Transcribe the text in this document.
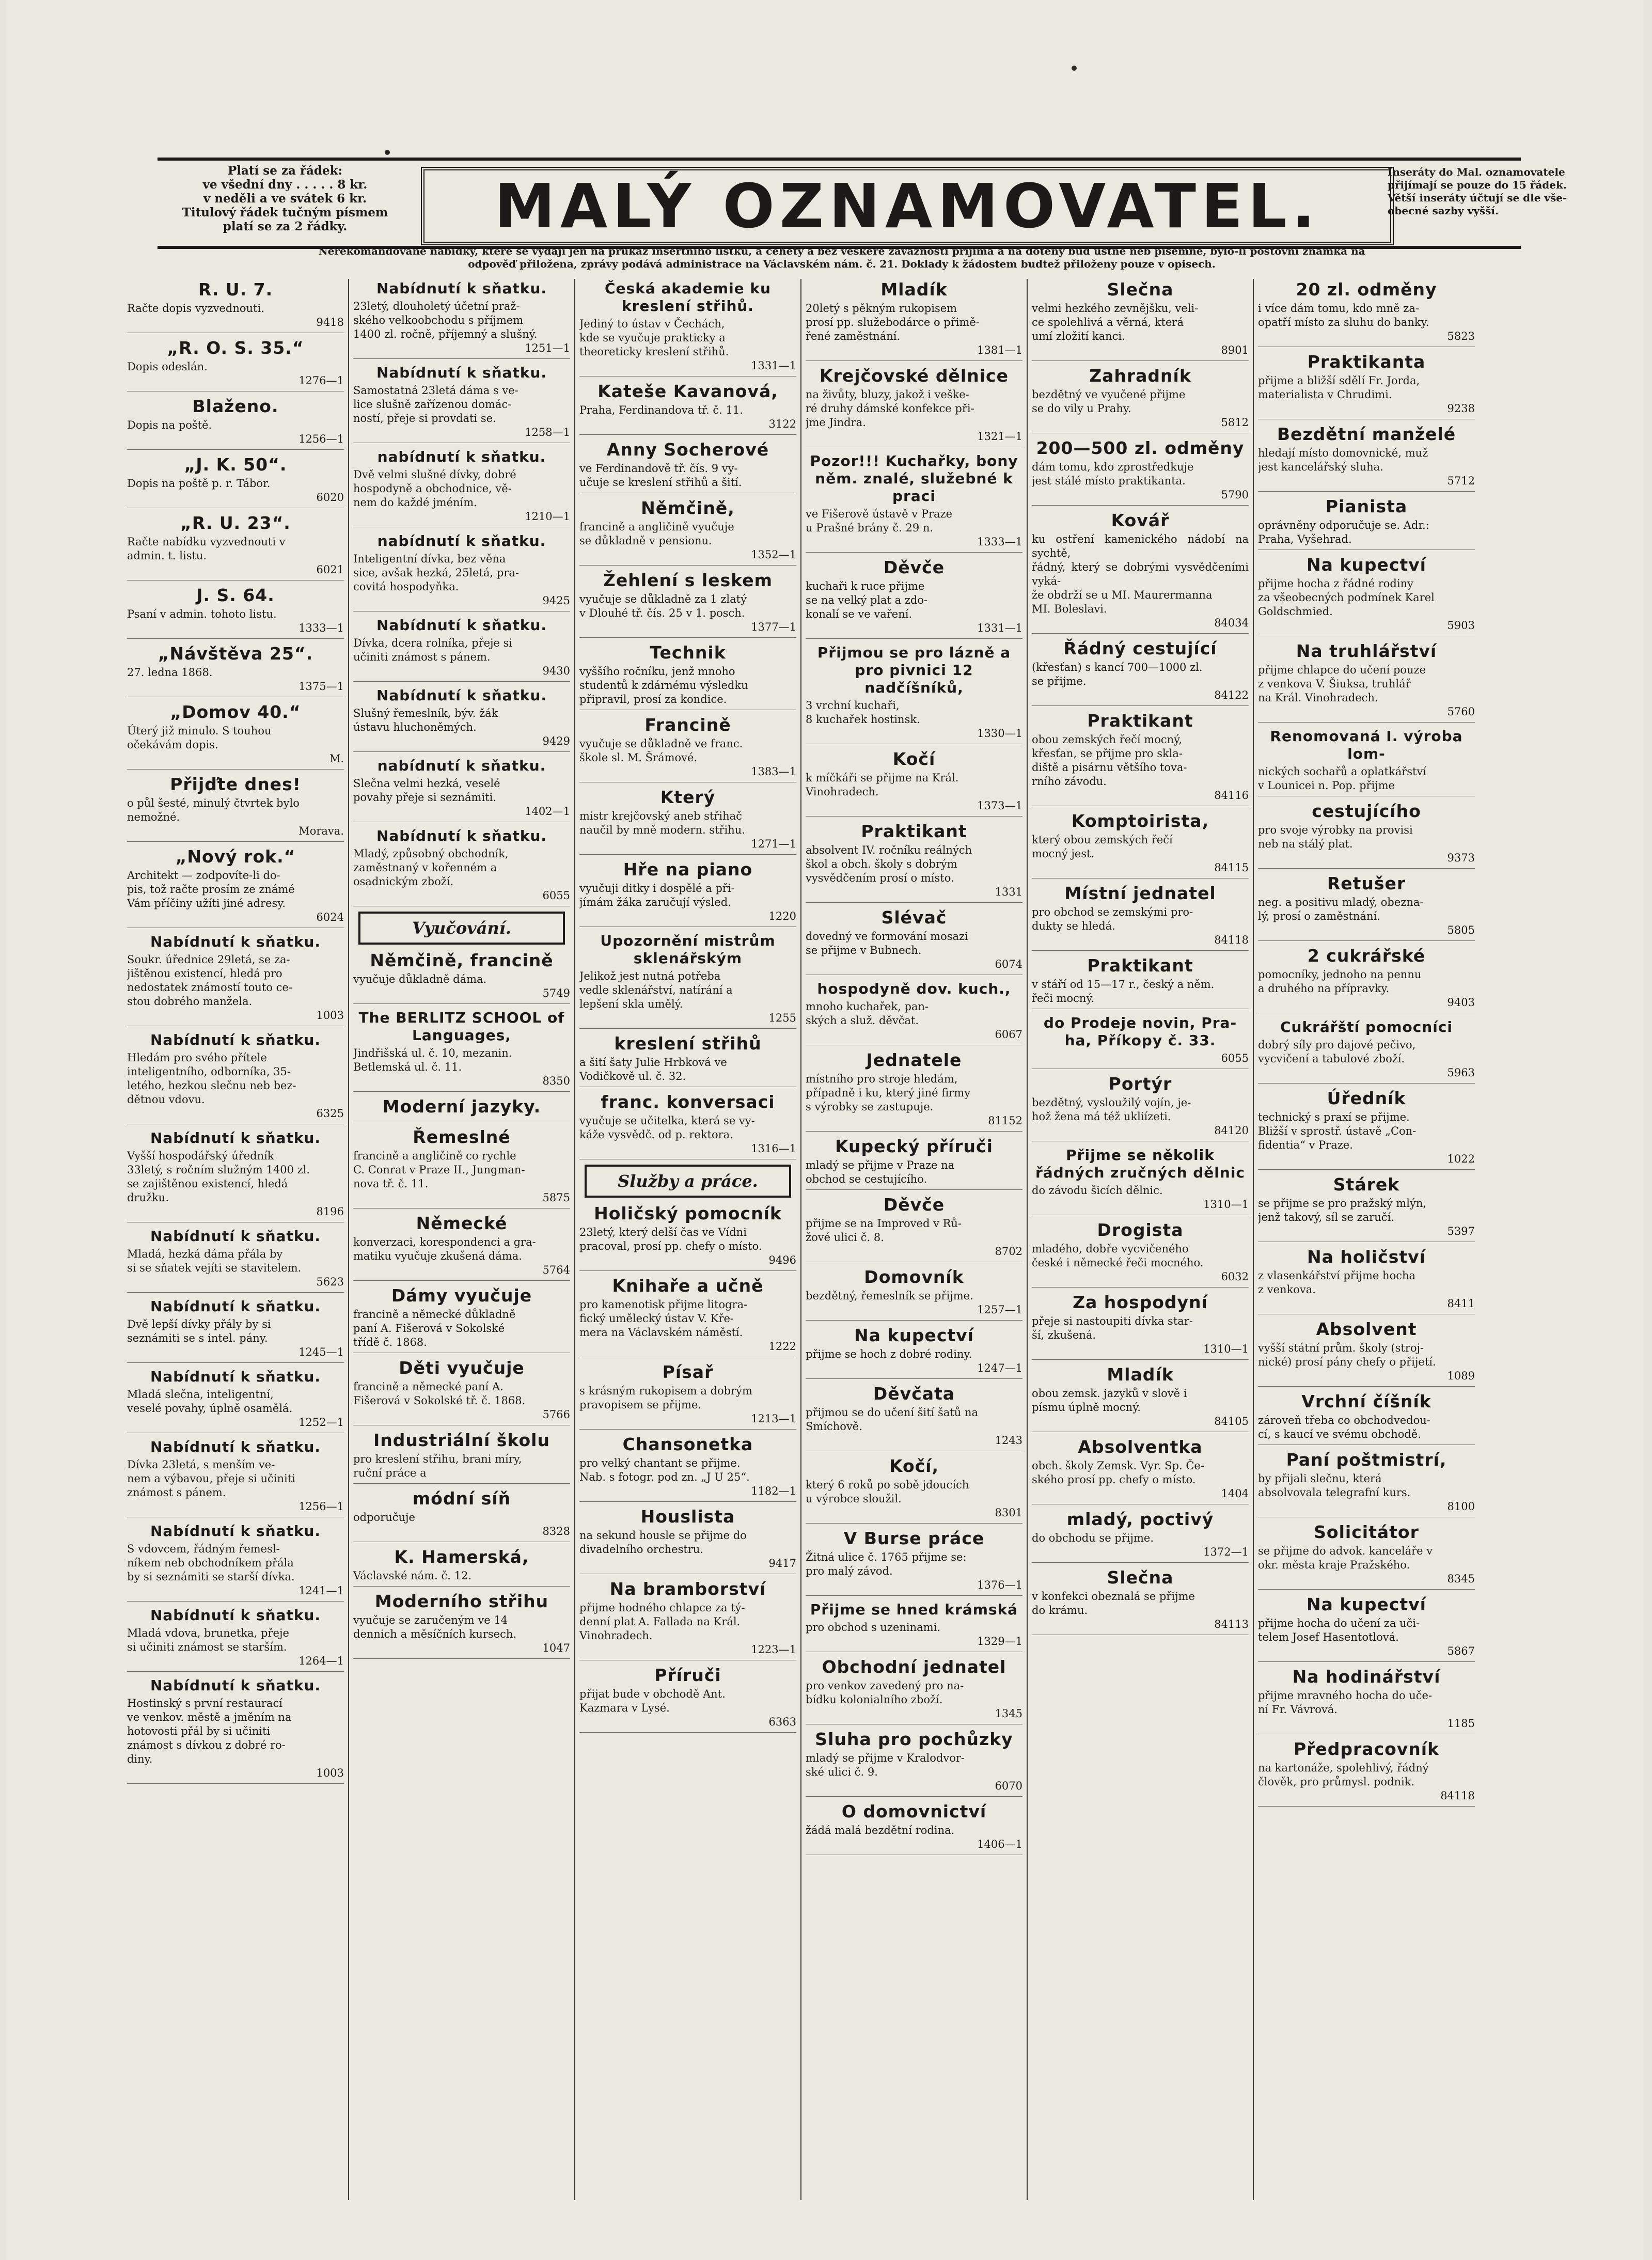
Platí se za řádek:
ve všední dny . . . . . 8 kr.
v neděli a ve svátek 6 kr.
Titulový řádek tučným písmem
platí se za 2 řádky.	MALÝ OZNAMOVATEL.	Inseráty do Mal. oznamovatele
přijímají se pouze do 15 řádek.
Větší inseráty účtují se dle vše-
obecné sazby vyšší.
Nerekomandované nabídky, které se vydají jen na průkaz insertního lístku, a cehety a bez veškeré závaznosti přijímá a na doteny buď ústně neb písemně, bylo-li poštovní známka na
odpověď přiložena, zprávy podává administrace na Václavském nám. č. 21. Doklady k žádostem budtež přiloženy pouze v opisech.
R. U. 7.
Račte dopis vyzvednouti.
9418
„R. O. S. 35.“
Dopis odeslán.
1276—1
Blaženo.
Dopis na poště.
1256—1
„J. K. 50“.
Dopis na poště p. r. Tábor.
6020
„R. U. 23“.
Račte nabídku vyzvednouti v
admin. t. listu.
6021
J. S. 64.
Psaní v admin. tohoto listu.
1333—1
„Návštěva 25“.
27. ledna 1868.
1375—1
„Domov 40.“
Úterý již minulo. S touhou
očekávám dopis.
M.
Přijďte dnes!
o půl šesté, minulý čtvrtek bylo
nemožné.
Morava.
„Nový rok.“
Architekt — zodpovíte-li do-
pis, tož račte prosím ze známé
Vám příčiny užíti jiné adresy.
6024
Nabídnutí k sňatku.
Soukr. úřednice 29letá, se za-
jištěnou existencí, hledá pro
nedostatek známostí touto ce-
stou dobrého manžela.
1003
Nabídnutí k sňatku.
Hledám pro svého přítele
inteligentního, odborníka, 35-
letého, hezkou slečnu neb bez-
dětnou vdovu.
6325
Nabídnutí k sňatku.
Vyšší hospodářský úředník
33letý, s ročním služným 1400 zl.
se zajištěnou existencí, hledá
družku.
8196
Nabídnutí k sňatku.
Mladá, hezká dáma přála by
si se sňatek vejíti se stavitelem.
5623
Nabídnutí k sňatku.
Dvě lepší dívky přály by si
seznámiti se s intel. pány.
1245—1
Nabídnutí k sňatku.
Mladá slečna, inteligentní,
veselé povahy, úplně osamělá.
1252—1
Nabídnutí k sňatku.
Dívka 23letá, s menším ve-
nem a výbavou, přeje si učiniti
známost s pánem.
1256—1
Nabídnutí k sňatku.
S vdovcem, řádným řemesl-
níkem neb obchodníkem přála
by si seznámiti se starší dívka.
1241—1
Nabídnutí k sňatku.
Mladá vdova, brunetka, přeje
si učiniti známost se starším.
1264—1
Nabídnutí k sňatku.
Hostinský s první restaurací
ve venkov. městě a jměním na
hotovosti přál by si učiniti
známost s dívkou z dobré ro-
diny.
1003
Nabídnutí k sňatku.
23letý, dlouholetý účetní praž-
ského velkoobchodu s příjmem
1400 zl. ročně, příjemný a slušný.
1251—1
Nabídnutí k sňatku.
Samostatná 23letá dáma s ve-
lice slušně zařízenou domác-
ností, přeje si provdati se.
1258—1
nabídnutí k sňatku.
Dvě velmi slušné dívky, dobré
hospodyně a obchodnice, vě-
nem do každé jméním.
1210—1
nabídnutí k sňatku.
Inteligentní dívka, bez věna
sice, avšak hezká, 25letá, pra-
covitá hospodyňka.
9425
Nabídnutí k sňatku.
Dívka, dcera rolníka, přeje si
učiniti známost s pánem.
9430
Nabídnutí k sňatku.
Slušný řemeslník, býv. žák
ústavu hluchoněmých.
9429
nabídnutí k sňatku.
Slečna velmi hezká, veselé
povahy přeje si seznámiti.
1402—1
Nabídnutí k sňatku.
Mladý, způsobný obchodník,
zaměstnaný v kořenném a
osadnickým zboží.
6055
Vyučování.
Němčině, francině
vyučuje důkladně dáma.
5749
The BERLITZ SCHOOL of Languages,
Jindřišská ul. č. 10, mezanin.
Betlemská ul. č. 11.
8350
Moderní jazyky.
Řemeslné
francině a angličině co rychle
C. Conrat v Praze II., Jungman-
nova tř. č. 11.
5875
Německé
konverzaci, korespondenci a gra-
matiku vyučuje zkušená dáma.
5764
Dámy vyučuje
francině a německé důkladně
paní A. Fišerová v Sokolské
třídě č. 1868.
Děti vyučuje
francině a německé paní A.
Fišerová v Sokolské tř. č. 1868.
5766
Industriální školu
pro kreslení střihu, brani míry,
ruční práce a
módní síň
odporučuje
8328
K. Hamerská,
Václavské nám. č. 12.
Moderního střihu
vyučuje se zaručeným ve 14
dennich a měsíčních kursech.
1047
Česká akademie ku kreslení střihů.
Jediný to ústav v Čechách,
kde se vyučuje prakticky a
theoreticky kreslení střihů.
1331—1
Kateše Kavanová,
Praha, Ferdinandova tř. č. 11.
3122
Anny Socherové
ve Ferdinandově tř. čís. 9 vy-
učuje se kreslení střihů a šití.
Němčině,
francině a angličině vyučuje
se důkladně v pensionu.
1352—1
Žehlení s leskem
vyučuje se důkladně za 1 zlatý
v Dlouhé tř. čís. 25 v 1. posch.
1377—1
Technik
vyššího ročníku, jenž mnoho
studentů k zdárnému výsledku
připravil, prosí za kondice.
Francině
vyučuje se důkladně ve franc.
škole sl. M. Šrámové.
1383—1
Který
mistr krejčovský aneb střihač
naučil by mně modern. střihu.
1271—1
Hře na piano
vyučuji ditky i dospělé a při-
jímám žáka zaručují výsled.
1220
Upozornění mistrům sklenářským
Jelikož jest nutná potřeba
vedle sklenářství, natírání a
lepšení skla umělý.
1255
kreslení střihů
a šití šaty Julie Hrbková ve
Vodičkově ul. č. 32.
franc. konversaci
vyučuje se učitelka, která se vy-
káže vysvědč. od p. rektora.
1316—1
Služby a práce.
Holičský pomocník
23letý, který delší čas ve Vídni
pracoval, prosí pp. chefy o místo.
9496
Knihaře a učně
pro kamenotisk přijme litogra-
fický umělecký ústav V. Kře-
mera na Václavském náměstí.
1222
Písař
s krásným rukopisem a dobrým
pravopisem se přijme.
1213—1
Chansonetka
pro velký chantant se přijme.
Nab. s fotogr. pod zn. „J U 25“.
1182—1
Houslista
na sekund housle se přijme do
divadelního orchestru.
9417
Na bramborství
přijme hodného chlapce za tý-
denní plat A. Fallada na Král.
Vinohradech.
1223—1
Příruči
přijat bude v obchodě Ant.
Kazmara v Lysé.
6363
Mladík
20letý s pěkným rukopisem
prosí pp. služebodárce o přimě-
řené zaměstnání.
1381—1
Krejčovské dělnice
na živůty, bluzy, jakož i veške-
ré druhy dámské konfekce při-
jme Jindra.
1321—1
Pozor!!! Kuchařky, bony něm. znalé, služebné k praci
ve Fišerově ústavě v Praze
u Prašné brány č. 29 n.
1333—1
Děvče
kuchaři k ruce přijme
se na velký plat a zdo-
konalí se ve vaření.
1331—1
Přijmou se pro lázně a pro pivnici 12 nadčíšníků,
3 vrchní kuchaři,
8 kuchařek hostinsk.
1330—1
Kočí
k míčkáři se přijme na Král.
Vinohradech.
1373—1
Praktikant
absolvent IV. ročníku reálných
škol a obch. školy s dobrým
vysvědčením prosí o místo.
1331
Slévač
dovedný ve formování mosazi
se přijme v Bubnech.
6074
hospodyně dov. kuch.,
mnoho kuchařek, pan-
ských a služ. děvčat.
6067
Jednatele
místního pro stroje hledám,
případně i ku, který jiné firmy
s výrobky se zastupuje.
81152
Kupecký příruči
mladý se přijme v Praze na
obchod se cestujícího.
Děvče
přijme se na Improved v Rů-
žové ulici č. 8.
8702
Domovník
bezdětný, řemeslník se přijme.
1257—1
Na kupectví
přijme se hoch z dobré rodiny.
1247—1
Děvčata
přijmou se do učení šití šatů na
Smíchově.
1243
Kočí,
který 6 roků po sobě jdoucích
u výrobce sloužil.
8301
V Burse práce
Žitná ulice č. 1765 přijme se:
pro malý závod.
1376—1
Přijme se hned krámská
pro obchod s uzeninami.
1329—1
Obchodní jednatel
pro venkov zavedený pro na-
bídku kolonialního zboží.
1345
Sluha pro pochůzky
mladý se přijme v Kralodvor-
ské ulici č. 9.
6070
O domovnictví
žádá malá bezdětní rodina.
1406—1
Slečna
velmi hezkého zevnějšku, veli-
ce spolehlivá a věrná, která
umí zložití kanci.
8901
Zahradník
bezdětný ve vyučené přijme
se do vily u Prahy.
5812
200—500 zl. odměny
dám tomu, kdo zprostředkuje
jest stálé místo praktikanta.
5790
Kovář
ku ostření kamenického nádobí na sychtě,
řádný, který se dobrými vysvědčeními vyká-
že obdrží se u MI. Maurermanna
MI. Boleslavi.
84034
Řádný cestující
(křesťan) s kancí 700—1000 zl.
se přijme.
84122
Praktikant
obou zemských řečí mocný,
křesťan, se přijme pro skla-
diště a pisárnu většího tova-
rního závodu.
84116
Komptoirista,
který obou zemských řečí
mocný jest.
84115
Místní jednatel
pro obchod se zemskými pro-
dukty se hledá.
84118
Praktikant
v stáří od 15—17 r., český a něm.
řeči mocný.
do Prodeje novin, Pra- ha, Příkopy č. 33.
6055
Portýr
bezdětný, vysloužilý vojín, je-
hož žena má též ukliízeti.
84120
Přijme se několik řádných zručných dělnic
do závodu šicích dělnic.
1310—1
Drogista
mladého, dobře vycvičeného
české i německé řeči mocného.
6032
Za hospodyní
přeje si nastoupiti dívka star-
ší, zkušená.
1310—1
Mladík
obou zemsk. jazyků v slově i
písmu úplně mocný.
84105
Absolventka
obch. školy Zemsk. Vyr. Sp. Če-
ského prosí pp. chefy o místo.
1404
mladý, poctivý
do obchodu se přijme.
1372—1
Slečna
v konfekci obeznalá se přijme
do krámu.
84113
20 zl. odměny
i více dám tomu, kdo mně za-
opatří místo za sluhu do banky.
5823
Praktikanta
přijme a bližší sdělí Fr. Jorda,
materialista v Chrudimi.
9238
Bezdětní manželé
hledají místo domovnické, muž
jest kancelářský sluha.
5712
Pianista
oprávněny odporučuje se. Adr.:
Praha, Vyšehrad.
Na kupectví
přijme hocha z řádné rodiny
za všeobecných podmínek Karel
Goldschmied.
5903
Na truhlářství
přijme chlapce do učení pouze
z venkova V. Šiuksa, truhlář
na Král. Vinohradech.
5760
Renomovaná I. výroba lom-
nických sochařů a oplatkářství
v Lounicei n. Pop. přijme
cestujícího
pro svoje výrobky na provisi
neb na stálý plat.
9373
Retušer
neg. a positivu mladý, obezna-
lý, prosí o zaměstnání.
5805
2 cukrářské
pomocníky, jednoho na pennu
a druhého na přípravky.
9403
Cukrářští pomocníci
dobrý síly pro dajové pečivo,
vycvičení a tabulové zboží.
5963
Úředník
technický s praxí se přijme.
Bližší v sprostř. ústavě „Con-
fidentia“ v Praze.
1022
Stárek
se přijme se pro pražský mlýn,
jenž takový, síl se zaručí.
5397
Na holičství
z vlasenkářství přijme hocha
z venkova.
8411
Absolvent
vyšší státní prům. školy (stroj-
nické) prosí pány chefy o přijetí.
1089
Vrchní číšník
zároveň třeba co obchodvedou-
cí, s kaucí ve svému obchodě.
Paní poštmistrí,
by přijali slečnu, která
absolvovala telegrafní kurs.
8100
Solicitátor
se přijme do advok. kanceláře v
okr. města kraje Pražského.
8345
Na kupectví
přijme hocha do učení za uči-
telem Josef Hasentotlová.
5867
Na hodinářství
přijme mravného hocha do uče-
ní Fr. Vávrová.
1185
Předpracovník
na kartonáže, spolehlivý, řádný
člověk, pro průmysl. podnik.
84118
